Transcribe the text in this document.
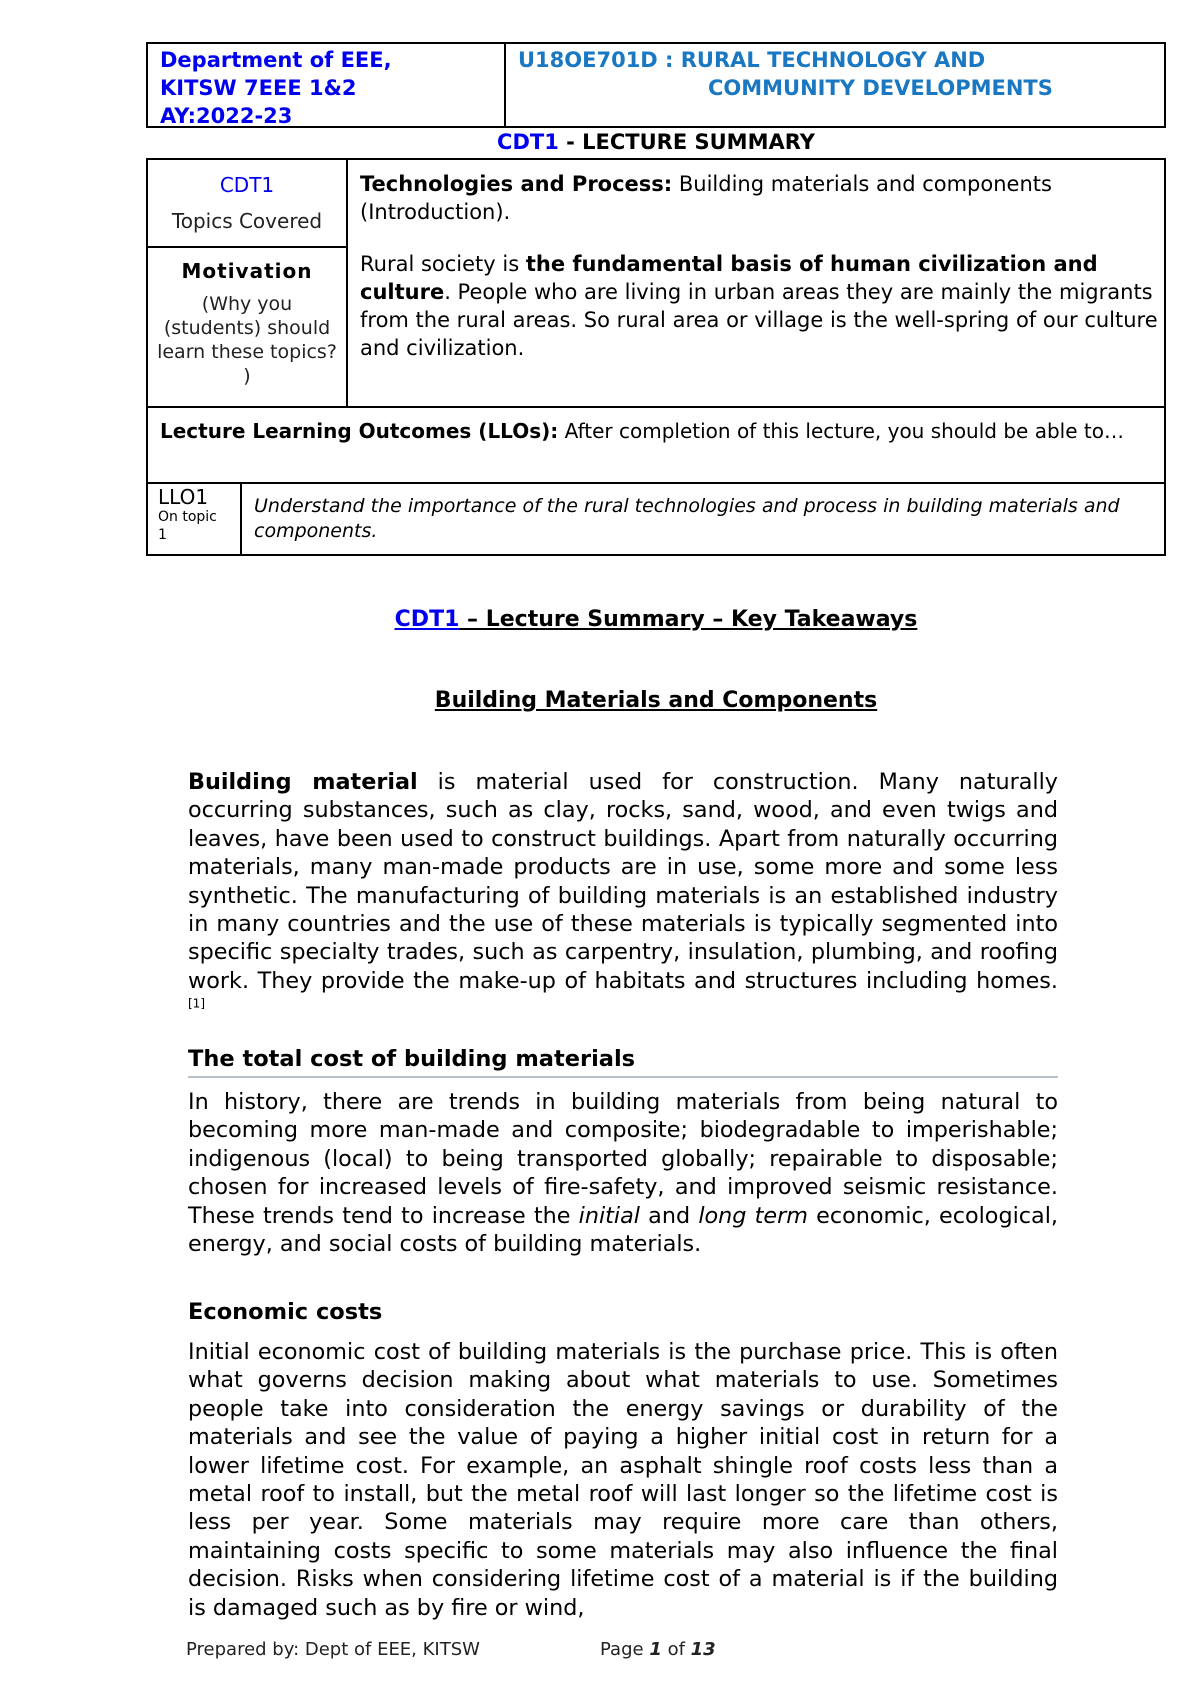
Department of EEE,
KITSW 7EEE 1&2
AY:2022-23
U18OE701D : RURAL TECHNOLOGY AND
COMMUNITY DEVELOPMENTS
CDT1 - LECTURE SUMMARY
CDT1
Topics Covered
Motivation
(Why you (students) should learn these topics? )
Technologies and Process: Building materials and components (Introduction).
Rural society is the fundamental basis of human civilization and culture. People who are living in urban areas they are mainly the migrants from the rural areas. So rural area or village is the well-spring of our culture and civilization.
Lecture Learning Outcomes (LLOs): After completion of this lecture, you should be able to…
LLO1
On topic 1
Understand the importance of the rural technologies and process in building materials and components.
CDT1 – Lecture Summary – Key Takeaways
Building Materials and Components
Building material is material used for construction. Many naturally occurring substances, such as clay, rocks, sand, wood, and even twigs and leaves, have been used to construct buildings. Apart from naturally occurring materials, many man-made products are in use, some more and some less synthetic. The manufacturing of building materials is an established industry in many countries and the use of these materials is typically segmented into specific specialty trades, such as carpentry, insulation, plumbing, and roofing work. They provide the make-up of habitats and structures including homes.[1]
The total cost of building materials
In history, there are trends in building materials from being natural to becoming more man-made and composite; biodegradable to imperishable; indigenous (local) to being transported globally; repairable to disposable; chosen for increased levels of fire-safety, and improved seismic resistance. These trends tend to increase the initial and long term economic, ecological, energy, and social costs of building materials.
Economic costs
Initial economic cost of building materials is the purchase price. This is often what governs decision making about what materials to use. Sometimes people take into consideration the energy savings or durability of the materials and see the value of paying a higher initial cost in return for a lower lifetime cost. For example, an asphalt shingle roof costs less than a metal roof to install, but the metal roof will last longer so the lifetime cost is less per year. Some materials may require more care than others, maintaining costs specific to some materials may also influence the final decision. Risks when considering lifetime cost of a material is if the building is damaged such as by fire or wind,
Prepared by: Dept of EEE, KITSW	Page 1 of 13
